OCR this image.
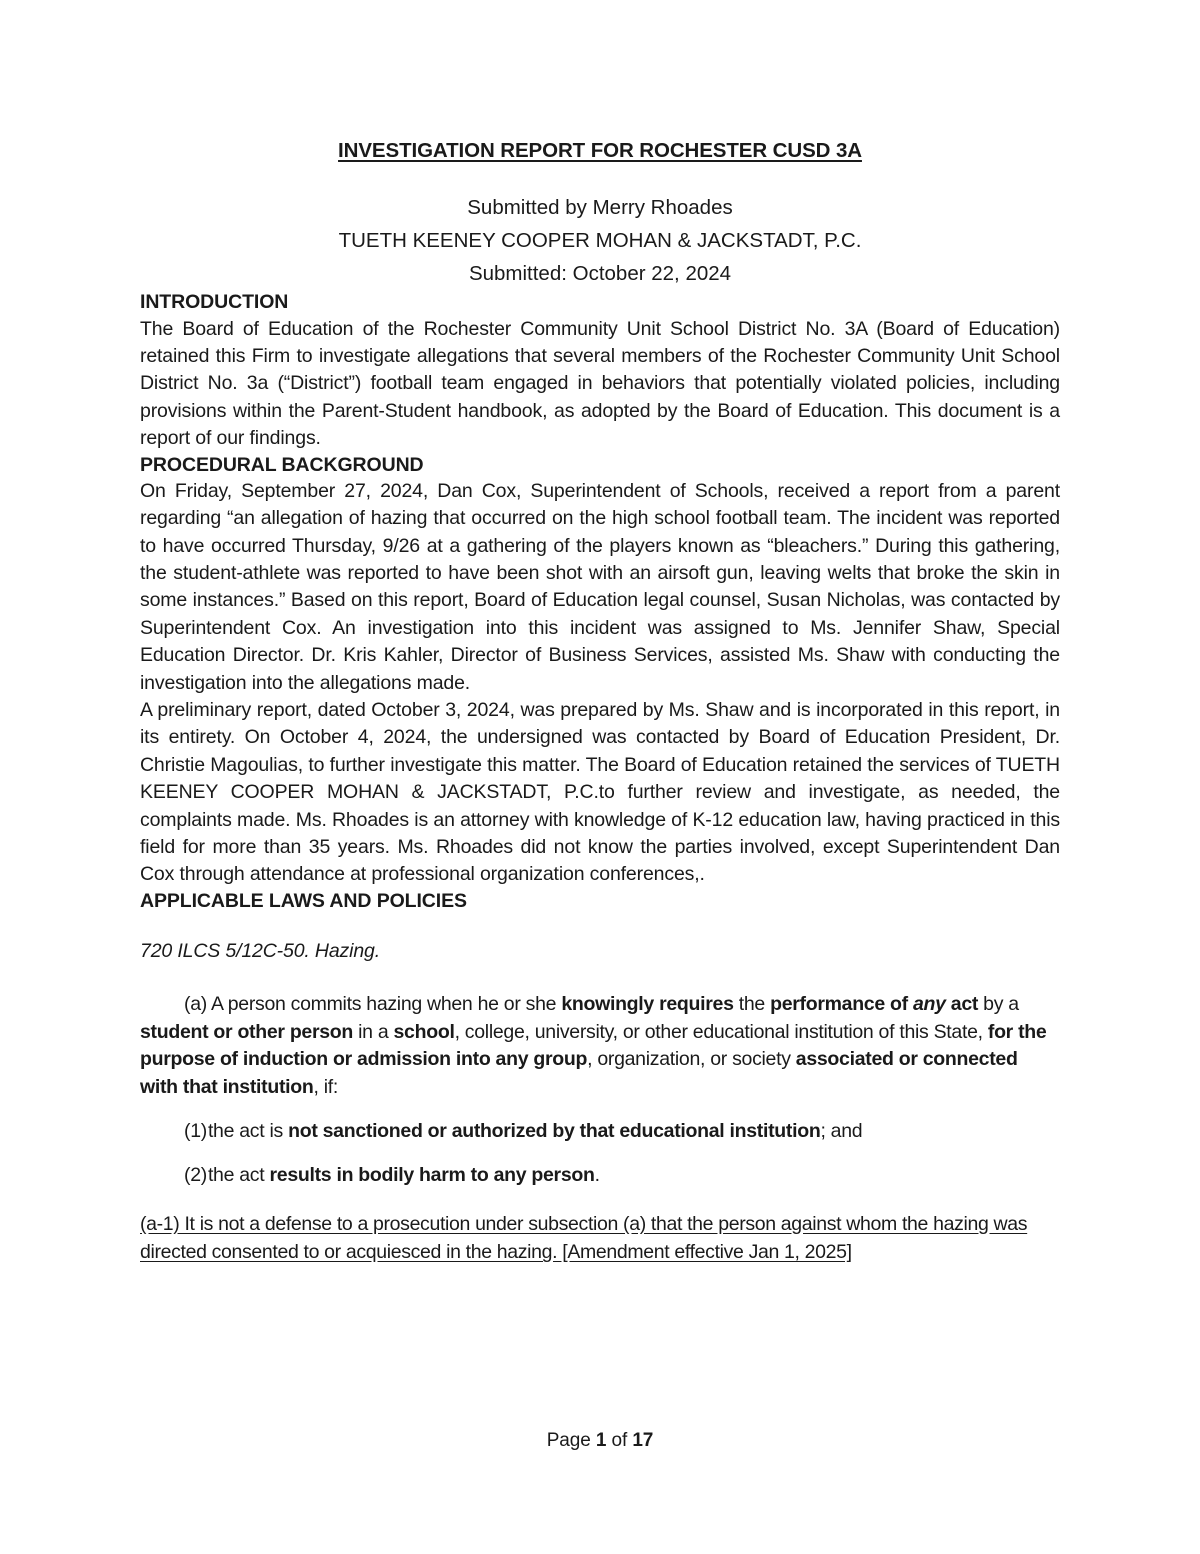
INVESTIGATION REPORT FOR ROCHESTER CUSD 3A
Submitted by Merry Rhoades
TUETH KEENEY COOPER MOHAN & JACKSTADT, P.C.
Submitted: October 22, 2024
INTRODUCTION

The Board of Education of the Rochester Community Unit School District No. 3A (Board of Education) retained this Firm to investigate allegations that several members of the Rochester Community Unit School District No. 3a (“District”) football team engaged in behaviors that potentially violated policies, including provisions within the Parent-Student handbook, as adopted by the Board of Education. This document is a report of our findings.

PROCEDURAL BACKGROUND

On Friday, September 27, 2024, Dan Cox, Superintendent of Schools, received a report from a parent regarding “an allegation of hazing that occurred on the high school football team. The incident was reported to have occurred Thursday, 9/26 at a gathering of the players known as “bleachers.” During this gathering, the student-athlete was reported to have been shot with an airsoft gun, leaving welts that broke the skin in some instances.” Based on this report, Board of Education legal counsel, Susan Nicholas, was contacted by Superintendent Cox. An investigation into this incident was assigned to Ms. Jennifer Shaw, Special Education Director. Dr. Kris Kahler, Director of Business Services, assisted Ms. Shaw with conducting the investigation into the allegations made.

A preliminary report, dated October 3, 2024, was prepared by Ms. Shaw and is incorporated in this report, in its entirety. On October 4, 2024, the undersigned was contacted by Board of Education President, Dr. Christie Magoulias, to further investigate this matter. The Board of Education retained the services of TUETH KEENEY COOPER MOHAN & JACKSTADT, P.C.to further review and investigate, as needed, the complaints made. Ms. Rhoades is an attorney with knowledge of K-12 education law, having practiced in this field for more than 35 years. Ms. Rhoades did not know the parties involved, except Superintendent Dan Cox through attendance at professional organization conferences,.

APPLICABLE LAWS AND POLICIES

720 ILCS 5/12C-50. Hazing.

(a) A person commits hazing when he or she knowingly requires the performance of any act by a student or other person in a school, college, university, or other educational institution of this State, for the purpose of induction or admission into any group, organization, or society associated or connected with that institution, if:

(1)the act is not sanctioned or authorized by that educational institution; and

(2)the act results in bodily harm to any person.

(a-1) It is not a defense to a prosecution under subsection (a) that the person against whom the hazing was directed consented to or acquiesced in the hazing. [Amendment effective Jan 1, 2025]

Page 1 of 17
